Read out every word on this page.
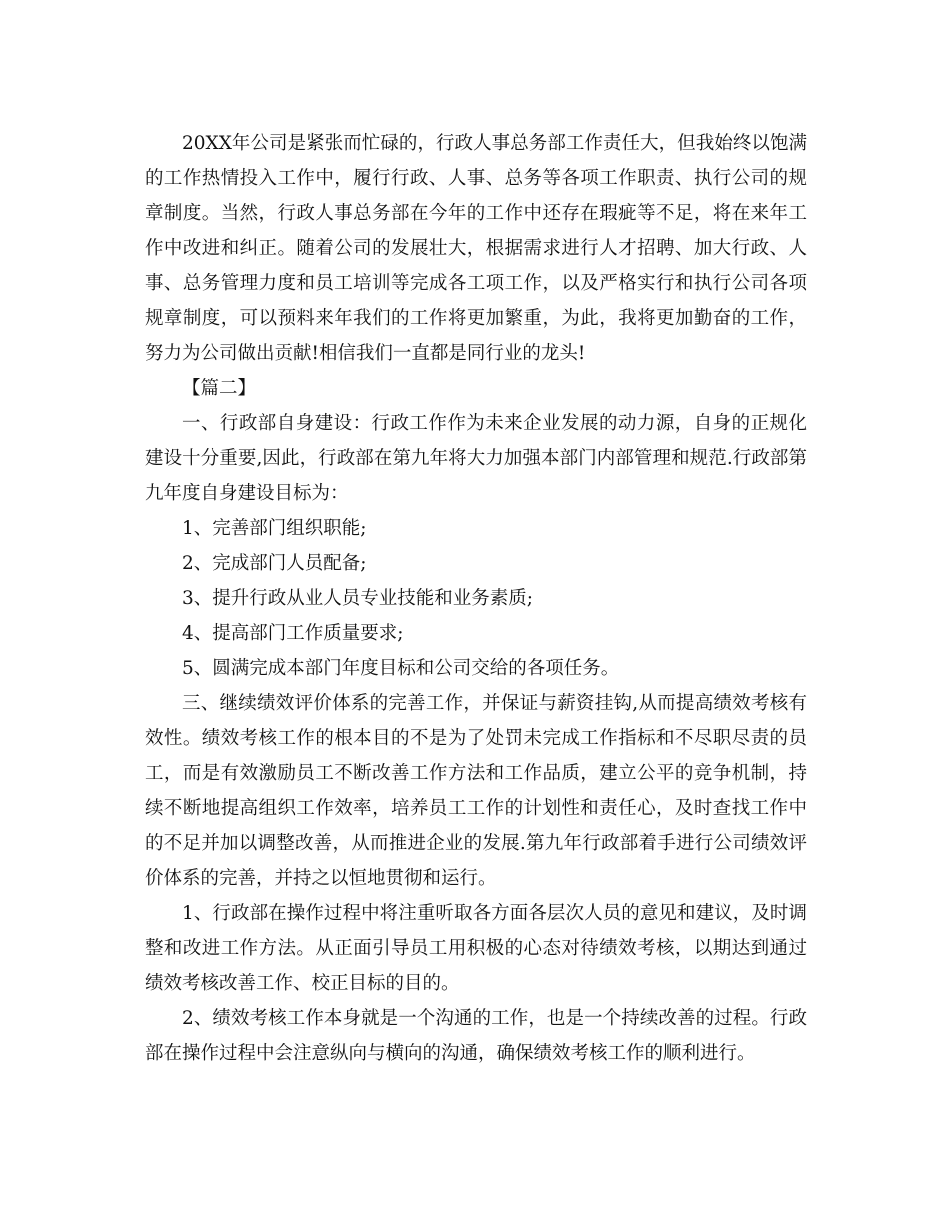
20XX年公司是紧张而忙碌的，行政人事总务部工作责任大，但我始终以饱满的工作热情投入工作中，履行行政、人事、总务等各项工作职责、执行公司的规章制度。当然，行政人事总务部在今年的工作中还存在瑕疵等不足，将在来年工作中改进和纠正。随着公司的发展壮大，根据需求进行人才招聘、加大行政、人事、总务管理力度和员工培训等完成各工项工作，以及严格实行和执行公司各项规章制度，可以预料来年我们的工作将更加繁重，为此，我将更加勤奋的工作，努力为公司做出贡献!相信我们一直都是同行业的龙头!

【篇二】

一、行政部自身建设：行政工作作为未来企业发展的动力源，自身的正规化建设十分重要,因此，行政部在第九年将大力加强本部门内部管理和规范.行政部第九年度自身建设目标为：

1、完善部门组织职能;

2、完成部门人员配备;

3、提升行政从业人员专业技能和业务素质;

4、提高部门工作质量要求;

5、圆满完成本部门年度目标和公司交给的各项任务。

三、继续绩效评价体系的完善工作，并保证与薪资挂钩,从而提高绩效考核有效性。绩效考核工作的根本目的不是为了处罚未完成工作指标和不尽职尽责的员工，而是有效激励员工不断改善工作方法和工作品质，建立公平的竞争机制，持续不断地提高组织工作效率，培养员工工作的计划性和责任心，及时查找工作中的不足并加以调整改善，从而推进企业的发展.第九年行政部着手进行公司绩效评价体系的完善，并持之以恒地贯彻和运行。

1、行政部在操作过程中将注重听取各方面各层次人员的意见和建议，及时调整和改进工作方法。从正面引导员工用积极的心态对待绩效考核，以期达到通过绩效考核改善工作、校正目标的目的。

2、绩效考核工作本身就是一个沟通的工作，也是一个持续改善的过程。行政部在操作过程中会注意纵向与横向的沟通，确保绩效考核工作的顺利进行。
